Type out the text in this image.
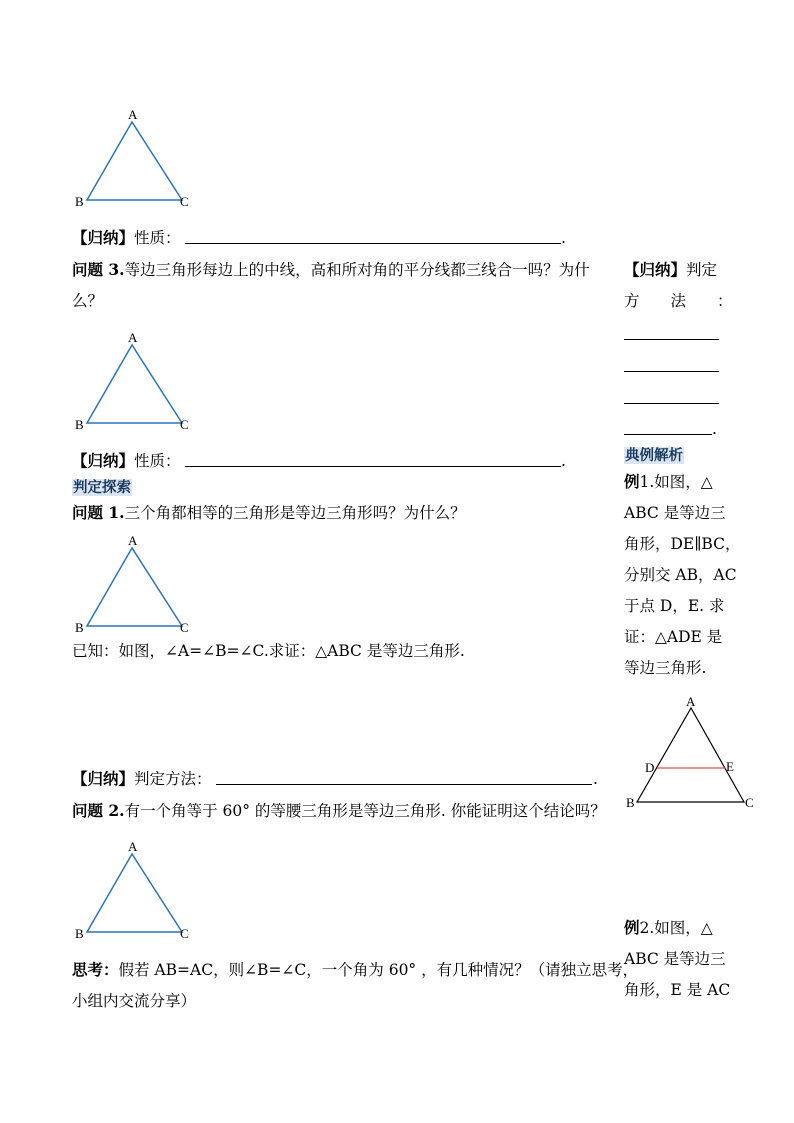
A
B	C
【归纳】性质：	.
问题 3.等边三角形每边上的中线，高和所对角的平分线都三线合一吗？为什
么？
A
B	C
【归纳】性质：	.
判定探索
问题 1.三个角都相等的三角形是等边三角形吗？为什么？
A
B	C
已知：如图，∠A=∠B=∠C.求证：△ABC 是等边三角形.
【归纳】判定方法：	.
问题 2.有一个角等于 60° 的等腰三角形是等边三角形. 你能证明这个结论吗？
A
B	C
思考：假若 AB=AC，则∠B=∠C，一个角为 60° ，有几种情况？（请独立思考，
小组内交流分享）
【归纳】判定
方　　法　　：
.
典例解析
例1.如图，△
ABC 是等边三
角形，DE∥BC，
分别交 AB，AC
于点 D，E. 求
证：△ADE 是
等边三角形.
A
B	C
D	E
例2.如图，△
ABC 是等边三
角形，E 是 AC
